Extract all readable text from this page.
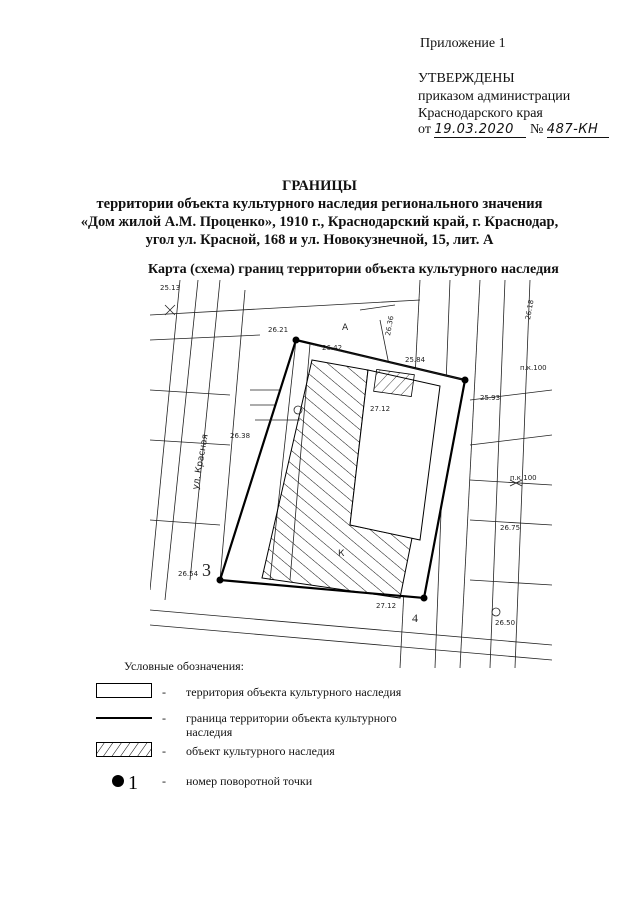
Приложение 1
УТВЕРЖДЕНЫ
приказом администрации
Краснодарского края
от 19.03.2020 № 487-КН
ГРАНИЦЫ
территории объекта культурного наследия регионального значения
«Дом жилой А.М. Проценко», 1910 г., Краснодарский край, г. Краснодар,
угол ул. Красной, 168 и ул. Новокузнечной, 15, лит. А
Карта (схема) границ территории объекта культурного наследия
ул. Красная
26.42
27.12
26.36
25.84
27.12
26.54
25.13
26.21
26.38
26.50
26.75
25.93
26.18
п.к.100
п.к.100
А
К
3
4
Условные обозначения:
- территория объекта культурного наследия
- граница территории объекта культурного наследия
- объект культурного наследия
1 - номер поворотной точки
